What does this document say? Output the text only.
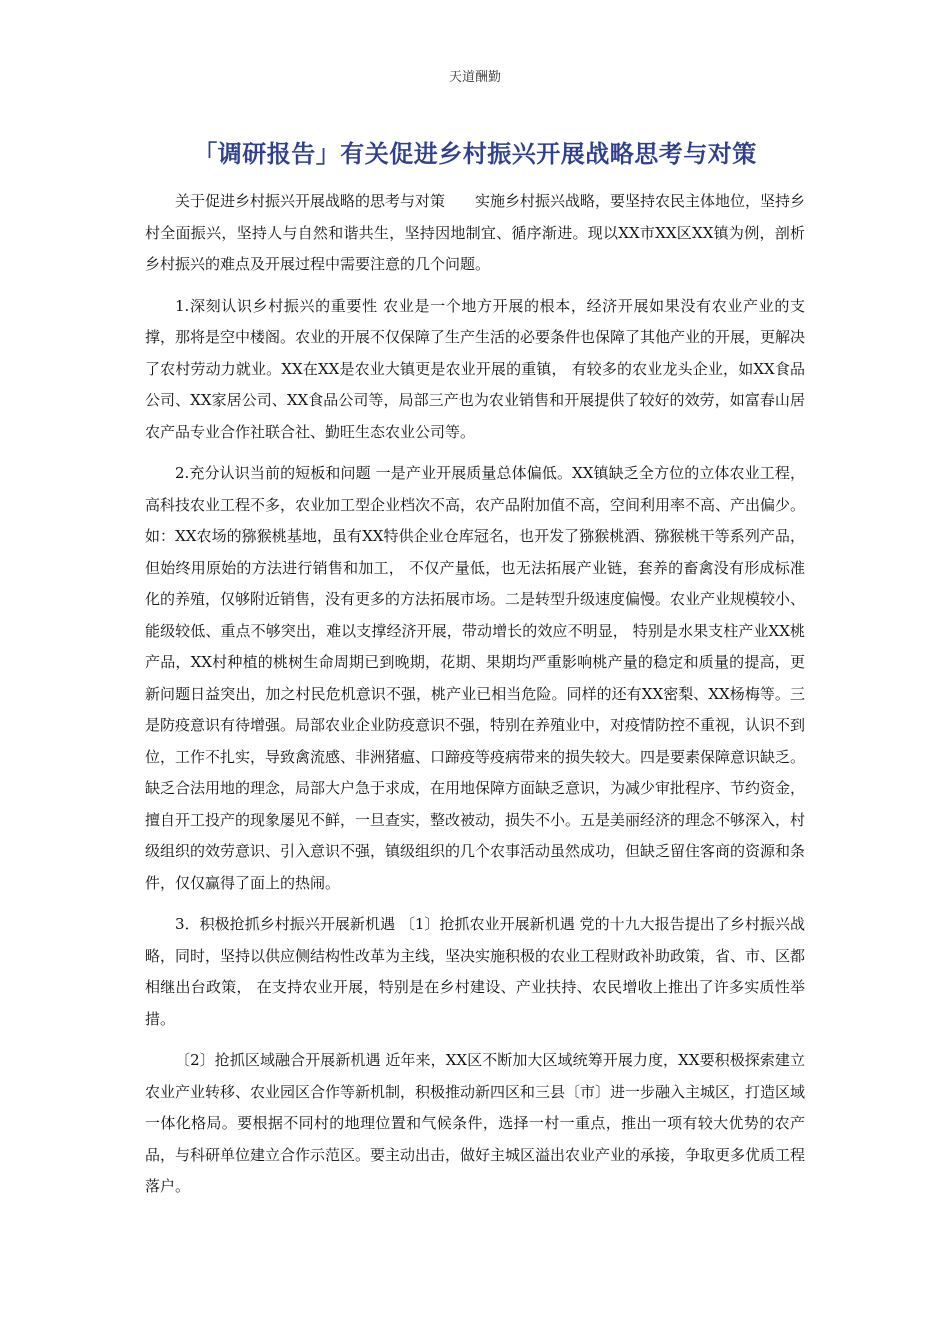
天道酬勤
「调研报告」有关促进乡村振兴开展战略思考与对策

关于促进乡村振兴开展战略的思考与对策　　实施乡村振兴战略，要坚持农民主体地位，坚持乡村全面振兴，坚持人与自然和谐共生，坚持因地制宜、循序渐进。现以XX市XX区XX镇为例，剖析乡村振兴的难点及开展过程中需要注意的几个问题。

1.深刻认识乡村振兴的重要性 农业是一个地方开展的根本，经济开展如果没有农业产业的支撑，那将是空中楼阁。农业的开展不仅保障了生产生活的必要条件也保障了其他产业的开展，更解决了农村劳动力就业。XX在XX是农业大镇更是农业开展的重镇， 有较多的农业龙头企业，如XX食品公司、XX家居公司、XX食品公司等，局部三产也为农业销售和开展提供了较好的效劳，如富春山居农产品专业合作社联合社、勤旺生态农业公司等。

2.充分认识当前的短板和问题 一是产业开展质量总体偏低。XX镇缺乏全方位的立体农业工程，高科技农业工程不多，农业加工型企业档次不高，农产品附加值不高，空间利用率不高、产出偏少。如：XX农场的猕猴桃基地，虽有XX特供企业仓库冠名，也开发了猕猴桃酒、猕猴桃干等系列产品，但始终用原始的方法进行销售和加工， 不仅产量低，也无法拓展产业链，套养的畜禽没有形成标准化的养殖，仅够附近销售，没有更多的方法拓展市场。二是转型升级速度偏慢。农业产业规模较小、能级较低、重点不够突出，难以支撑经济开展，带动增长的效应不明显， 特别是水果支柱产业XX桃产品，XX村种植的桃树生命周期已到晚期，花期、果期均严重影响桃产量的稳定和质量的提高，更新问题日益突出，加之村民危机意识不强，桃产业已相当危险。同样的还有XX密梨、XX杨梅等。三是防疫意识有待增强。局部农业企业防疫意识不强，特别在养殖业中，对疫情防控不重视，认识不到位，工作不扎实，导致禽流感、非洲猪瘟、口蹄疫等疫病带来的损失较大。四是要素保障意识缺乏。缺乏合法用地的理念，局部大户急于求成，在用地保障方面缺乏意识，为减少审批程序、节约资金，擅自开工投产的现象屡见不鲜，一旦查实，整改被动，损失不小。五是美丽经济的理念不够深入，村级组织的效劳意识、引入意识不强，镇级组织的几个农事活动虽然成功，但缺乏留住客商的资源和条件，仅仅赢得了面上的热闹。

3．积极抢抓乡村振兴开展新机遇 〔1〕抢抓农业开展新机遇 党的十九大报告提出了乡村振兴战略，同时，坚持以供应侧结构性改革为主线，坚决实施积极的农业工程财政补助政策，省、市、区都相继出台政策， 在支持农业开展，特别是在乡村建设、产业扶持、农民增收上推出了许多实质性举措。

〔2〕抢抓区域融合开展新机遇 近年来，XX区不断加大区域统筹开展力度，XX要积极探索建立农业产业转移、农业园区合作等新机制，积极推动新四区和三县〔市〕进一步融入主城区，打造区域一体化格局。要根据不同村的地理位置和气候条件，选择一村一重点，推出一项有较大优势的农产品，与科研单位建立合作示范区。要主动出击，做好主城区溢出农业产业的承接，争取更多优质工程落户。
